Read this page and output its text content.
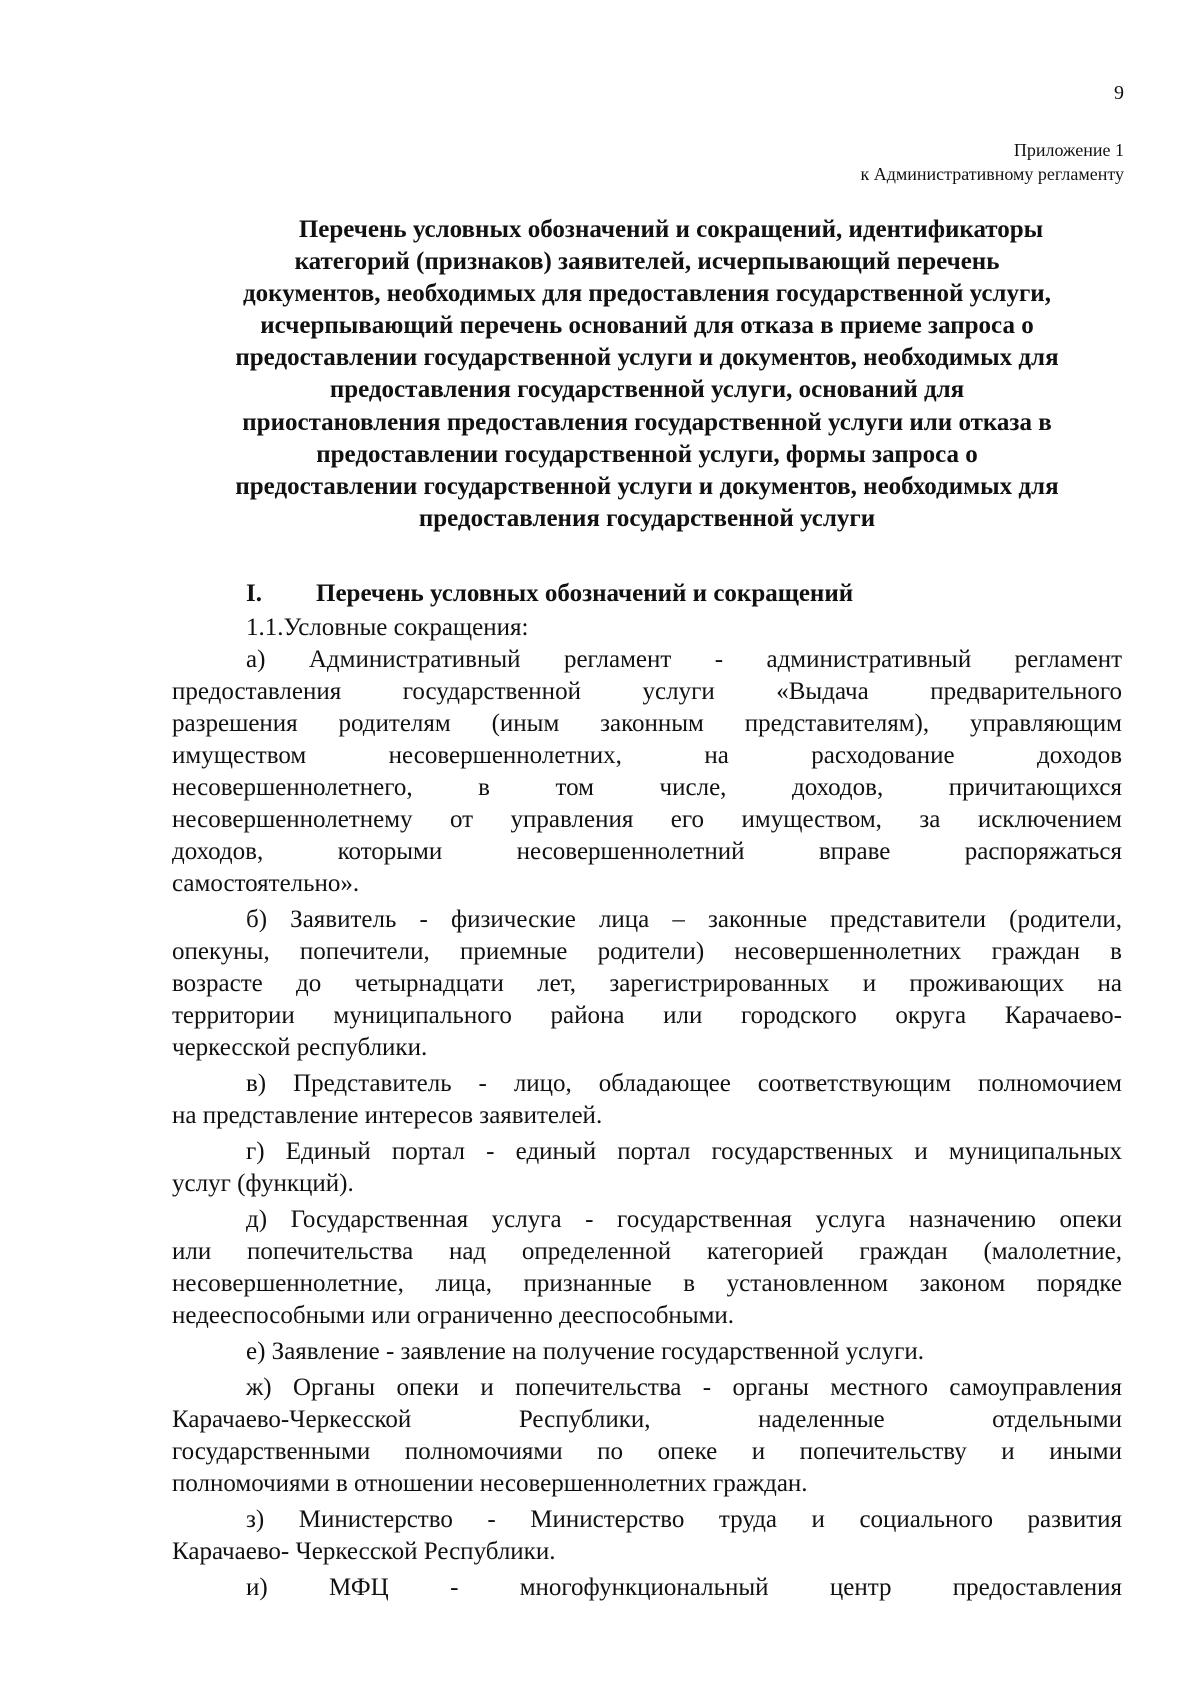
9
Приложение 1
к Административному регламенту
Перечень условных обозначений и сокращений, идентификаторы
категорий (признаков) заявителей, исчерпывающий перечень
документов, необходимых для предоставления государственной услуги,
исчерпывающий перечень оснований для отказа в приеме запроса о
предоставлении государственной услуги и документов, необходимых для
предоставления государственной услуги, оснований для
приостановления предоставления государственной услуги или отказа в
предоставлении государственной услуги, формы запроса о
предоставлении государственной услуги и документов, необходимых для
предоставления государственной услуги
I. Перечень условных обозначений и сокращений
1.1.Условные сокращения:
а) Административный регламент - административный регламент
предоставления государственной услуги «Выдача предварительного
разрешения родителям (иным законным представителям), управляющим
имуществом несовершеннолетних, на расходование доходов
несовершеннолетнего, в том числе, доходов, причитающихся
несовершеннолетнему от управления его имуществом, за исключением
доходов, которыми несовершеннолетний вправе распоряжаться
самостоятельно».
б) Заявитель - физические лица – законные представители (родители,
опекуны, попечители, приемные родители) несовершеннолетних граждан в
возрасте до четырнадцати лет, зарегистрированных и проживающих на
территории муниципального района или городского округа Карачаево-
черкесской республики.
в) Представитель - лицо, обладающее соответствующим полномочием
на представление интересов заявителей.
г) Единый портал - единый портал государственных и муниципальных
услуг (функций).
д) Государственная услуга - государственная услуга назначению опеки
или попечительства над определенной категорией граждан (малолетние,
несовершеннолетние, лица, признанные в установленном законом порядке
недееспособными или ограниченно дееспособными.
е) Заявление - заявление на получение государственной услуги.
ж) Органы опеки и попечительства - органы местного самоуправления
Карачаево-Черкесской Республики, наделенные отдельными
государственными полномочиями по опеке и попечительству и иными
полномочиями в отношении несовершеннолетних граждан.
з) Министерство - Министерство труда и социального развития
Карачаево- Черкесской Республики.
и) МФЦ - многофункциональный центр предоставления
